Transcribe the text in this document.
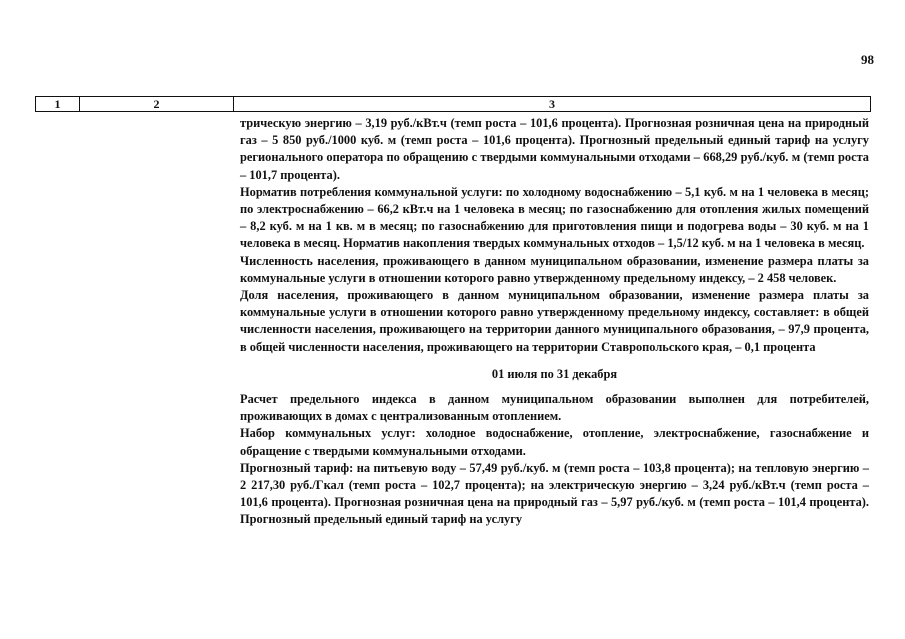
98
1	2	3

трическую энергию – 3,19 руб./кВт.ч (темп роста – 101,6 процента). Прогнозная розничная цена на природный газ – 5 850 руб./1000 куб. м (темп роста – 101,6 процента). Прогнозный предельный единый тариф на услугу регионального оператора по обращению с твердыми коммунальными отходами – 668,29 руб./куб. м (темп роста – 101,7 процента).

Норматив потребления коммунальной услуги: по холодному водоснабжению – 5,1 куб. м на 1 человека в месяц; по электроснабжению – 66,2 кВт.ч на 1 человека в месяц; по газоснабжению для отопления жилых помещений – 8,2 куб. м на 1 кв. м в месяц; по газоснабжению для приготовления пищи и подогрева воды – 30 куб. м на 1 человека в месяц. Норматив накопления твердых коммунальных отходов – 1,5/12 куб. м на 1 человека в месяц.

Численность населения, проживающего в данном муниципальном образовании, изменение размера платы за коммунальные услуги в отношении которого равно утвержденному предельному индексу, – 2 458 человек.

Доля населения, проживающего в данном муниципальном образовании, изменение размера платы за коммунальные услуги в отношении которого равно утвержденному предельному индексу, составляет: в общей численности населения, проживающего на территории данного муниципального образования, – 97,9 процента, в общей численности населения, проживающего на территории Ставропольского края, – 0,1 процента

01 июля по 31 декабря

Расчет предельного индекса в данном муниципальном образовании выполнен для потребителей, проживающих в домах с централизованным отоплением.

Набор коммунальных услуг: холодное водоснабжение, отопление, электроснабжение, газоснабжение и обращение с твердыми коммунальными отходами.

Прогнозный тариф: на питьевую воду – 57,49 руб./куб. м (темп роста – 103,8 процента); на тепловую энергию – 2 217,30 руб./Гкал (темп роста – 102,7 процента); на электрическую энергию – 3,24 руб./кВт.ч (темп роста – 101,6 процента). Прогнозная розничная цена на природный газ – 5,97 руб./куб. м (темп роста – 101,4 процента). Прогнозный предельный единый тариф на услугу
